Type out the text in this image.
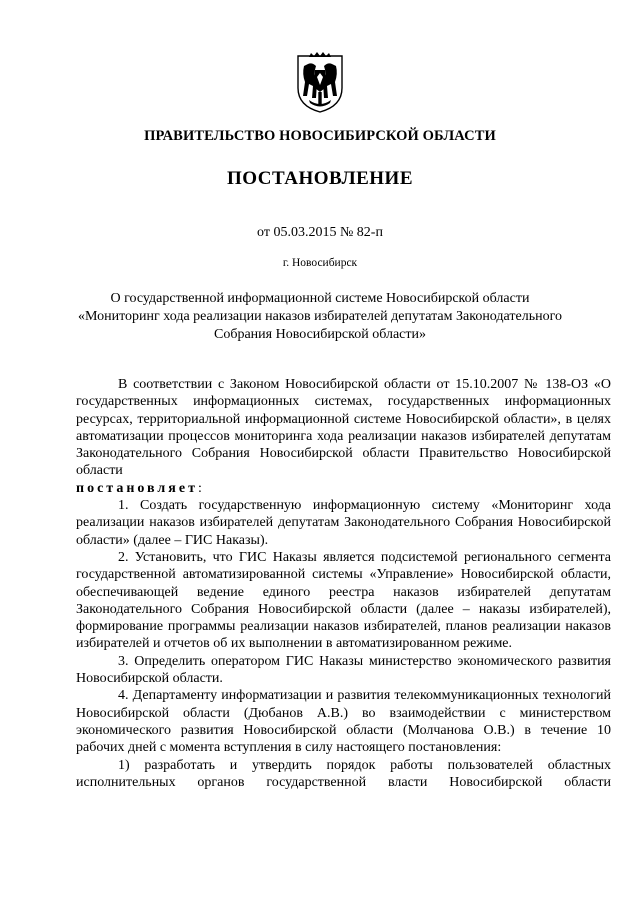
ПРАВИТЕЛЬСТВО НОВОСИБИРСКОЙ ОБЛАСТИ
ПОСТАНОВЛЕНИЕ
от 05.03.2015 № 82-п
г. Новосибирск
О государственной информационной системе Новосибирской области
«Мониторинг хода реализации наказов избирателей депутатам Законодательного
Собрания Новосибирской области»

В соответствии с Законом Новосибирской области от 15.10.2007 № 138-ОЗ «О государственных информационных системах, государственных информационных ресурсах, территориальной информационной системе Новосибирской области», в целях автоматизации процессов мониторинга хода реализации наказов избирателей депутатам Законодательного Собрания Новосибирской области Правительство Новосибирской области

постановляет:

1. Создать государственную информационную систему «Мониторинг хода реализации наказов избирателей депутатам Законодательного Собрания Новосибирской области» (далее – ГИС Наказы).

2. Установить, что ГИС Наказы является подсистемой регионального сегмента государственной автоматизированной системы «Управление» Новосибирской области, обеспечивающей ведение единого реестра наказов избирателей депутатам Законодательного Собрания Новосибирской области (далее – наказы избирателей), формирование программы реализации наказов избирателей, планов реализации наказов избирателей и отчетов об их выполнении в автоматизированном режиме.

3. Определить оператором ГИС Наказы министерство экономического развития Новосибирской области.

4. Департаменту информатизации и развития телекоммуникационных технологий Новосибирской области (Дюбанов А.В.) во взаимодействии с министерством экономического развития Новосибирской области (Молчанова О.В.) в течение 10 рабочих дней с момента вступления в силу настоящего постановления:

1) разработать и утвердить порядок работы пользователей областных исполнительных органов государственной власти Новосибирской области
